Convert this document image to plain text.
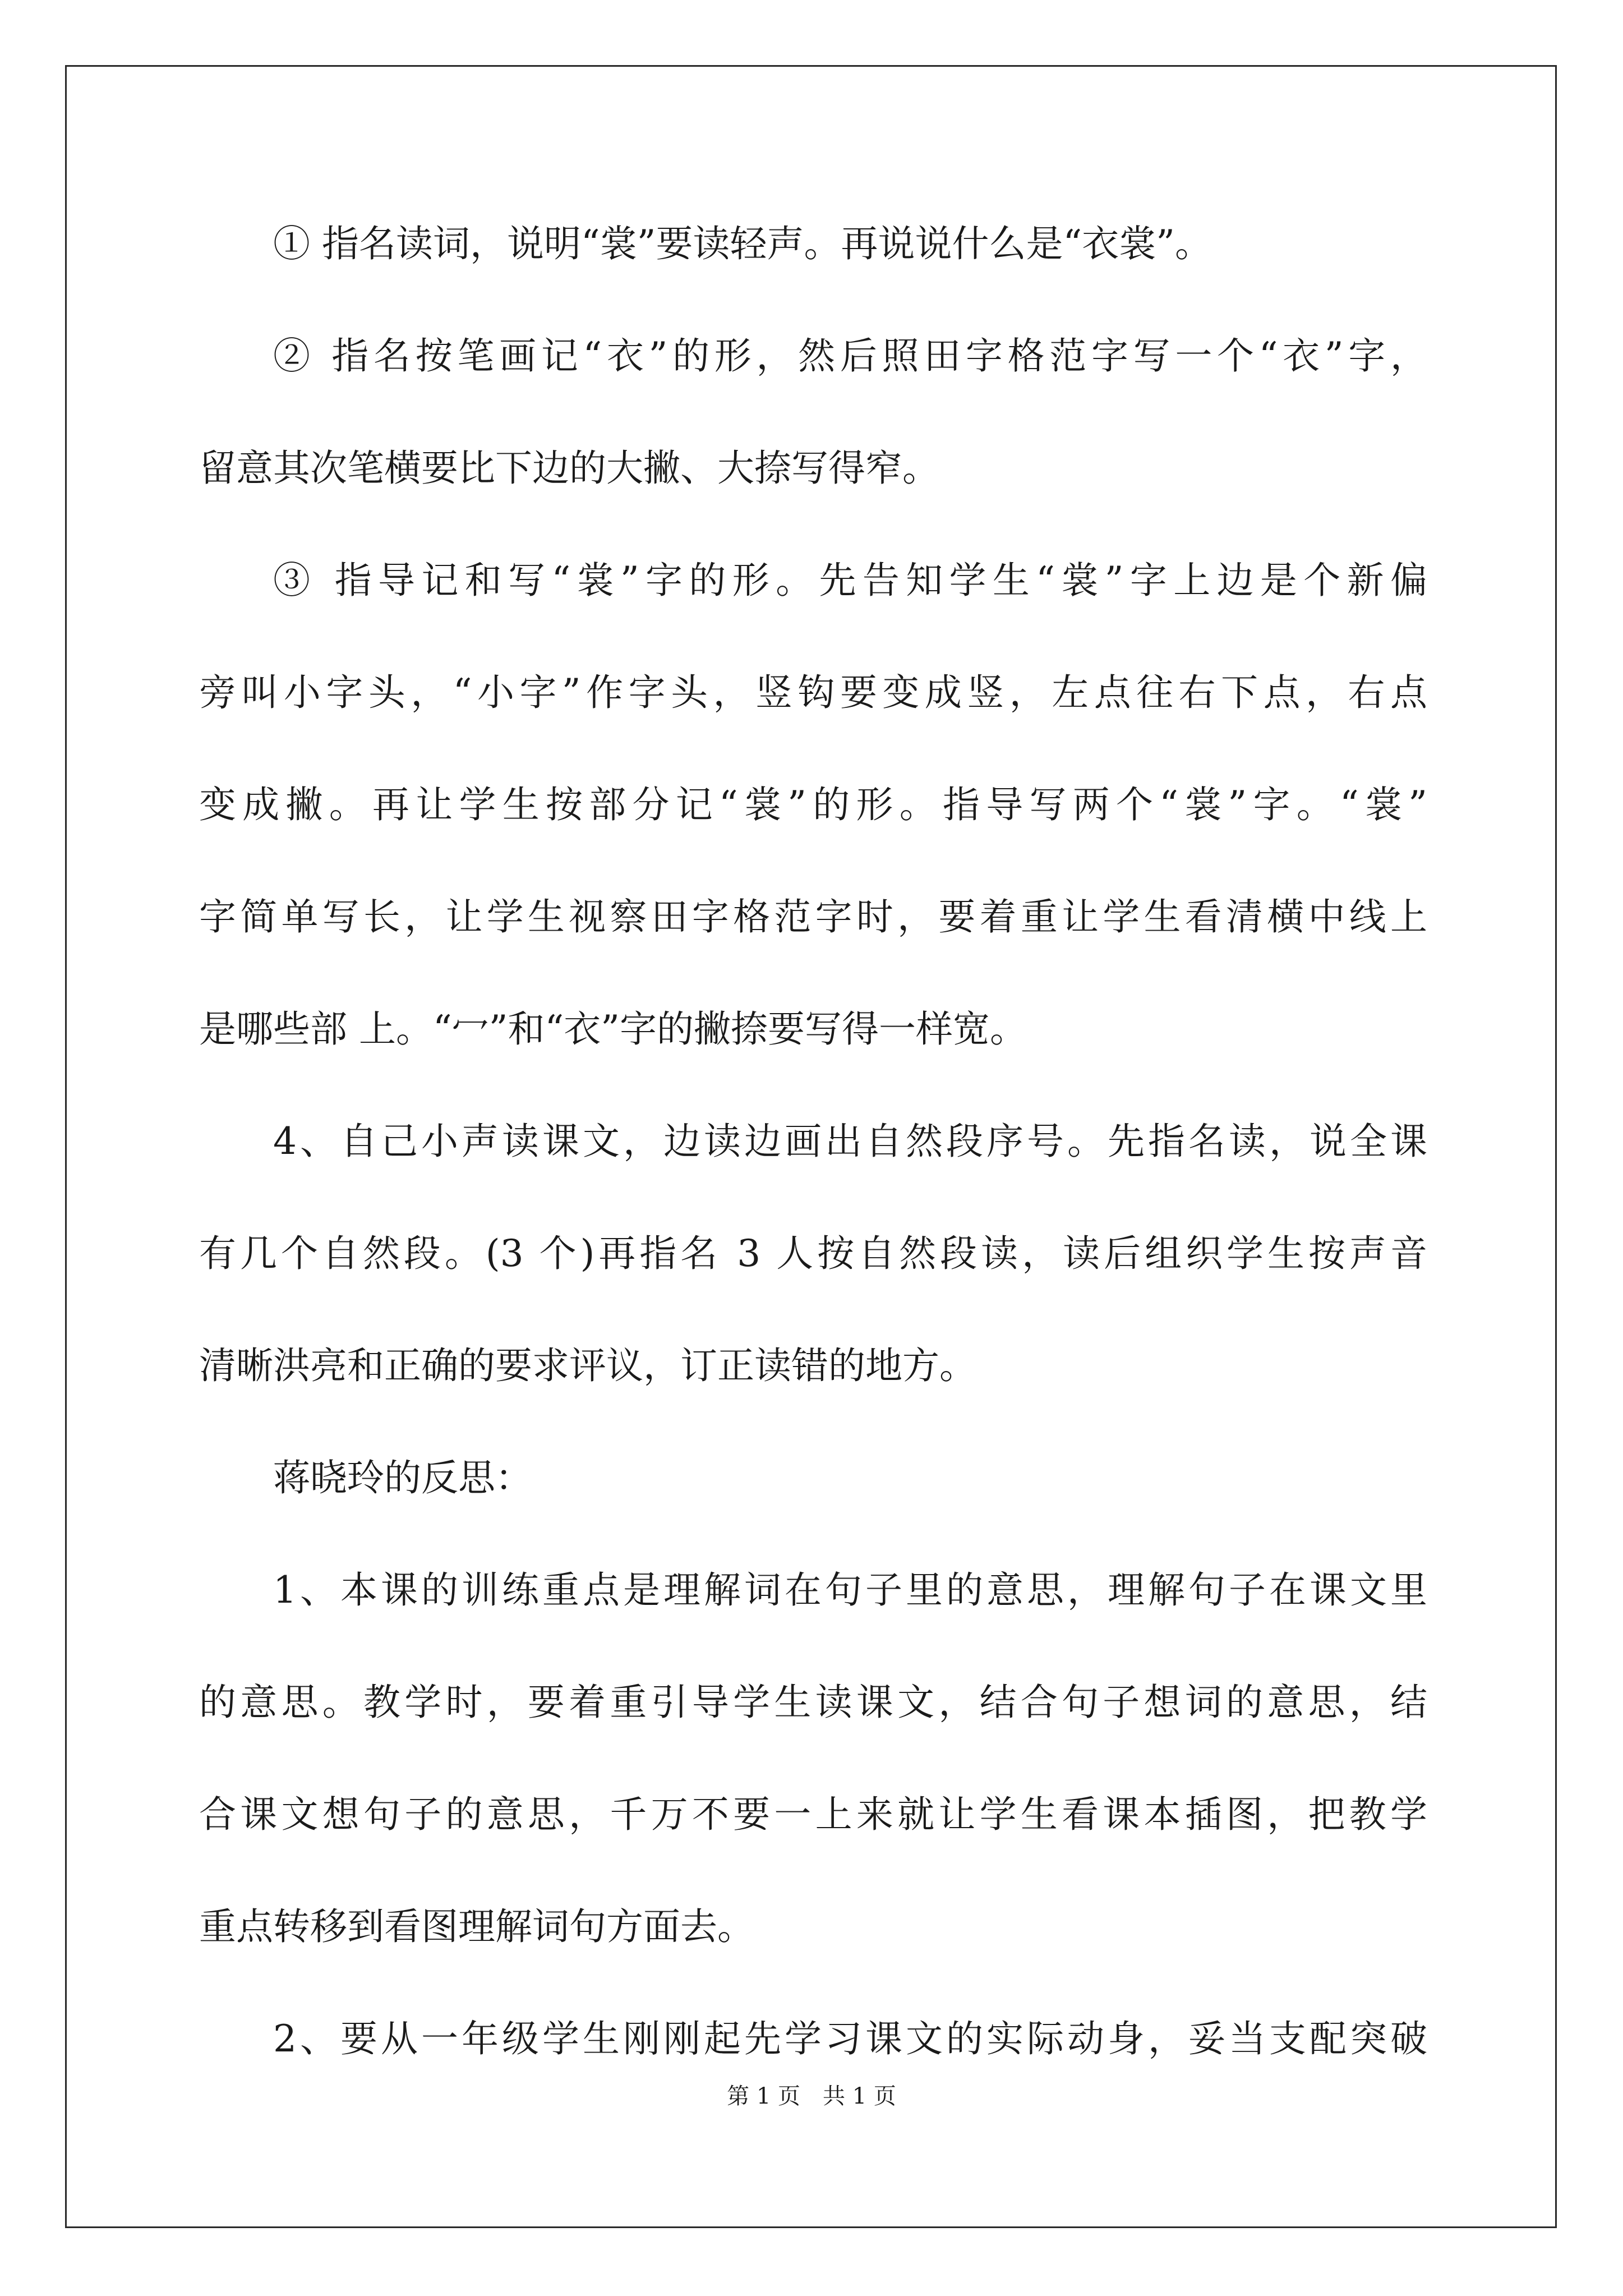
① 指名读词，说明“裳”要读轻声。再说说什么是“衣裳”。
② 指名按笔画记“衣”的形，然后照田字格范字写一个“衣”字，
留意其次笔横要比下边的大撇、大捺写得窄。
③ 指导记和写“裳”字的形。先告知学生“裳”字上边是个新偏
旁叫小字头，“小字”作字头，竖钩要变成竖，左点往右下点，右点
变成撇。再让学生按部分记“裳”的形。指导写两个“裳”字。“裳”
字简单写长，让学生视察田字格范字时，要着重让学生看清横中线上
是哪些部 上。“冖”和“衣”字的撇捺要写得一样宽。
4、自己小声读课文，边读边画出自然段序号。先指名读，说全课
有几个自然段。(3 个)再指名 3 人按自然段读，读后组织学生按声音
清晰洪亮和正确的要求评议，订正读错的地方。
蒋晓玲的反思：
1、本课的训练重点是理解词在句子里的意思，理解句子在课文里
的意思。教学时，要着重引导学生读课文，结合句子想词的意思，结
合课文想句子的意思，千万不要一上来就让学生看课本插图，把教学
重点转移到看图理解词句方面去。
2、要从一年级学生刚刚起先学习课文的实际动身，妥当支配突破
第 1 页　共 1 页
